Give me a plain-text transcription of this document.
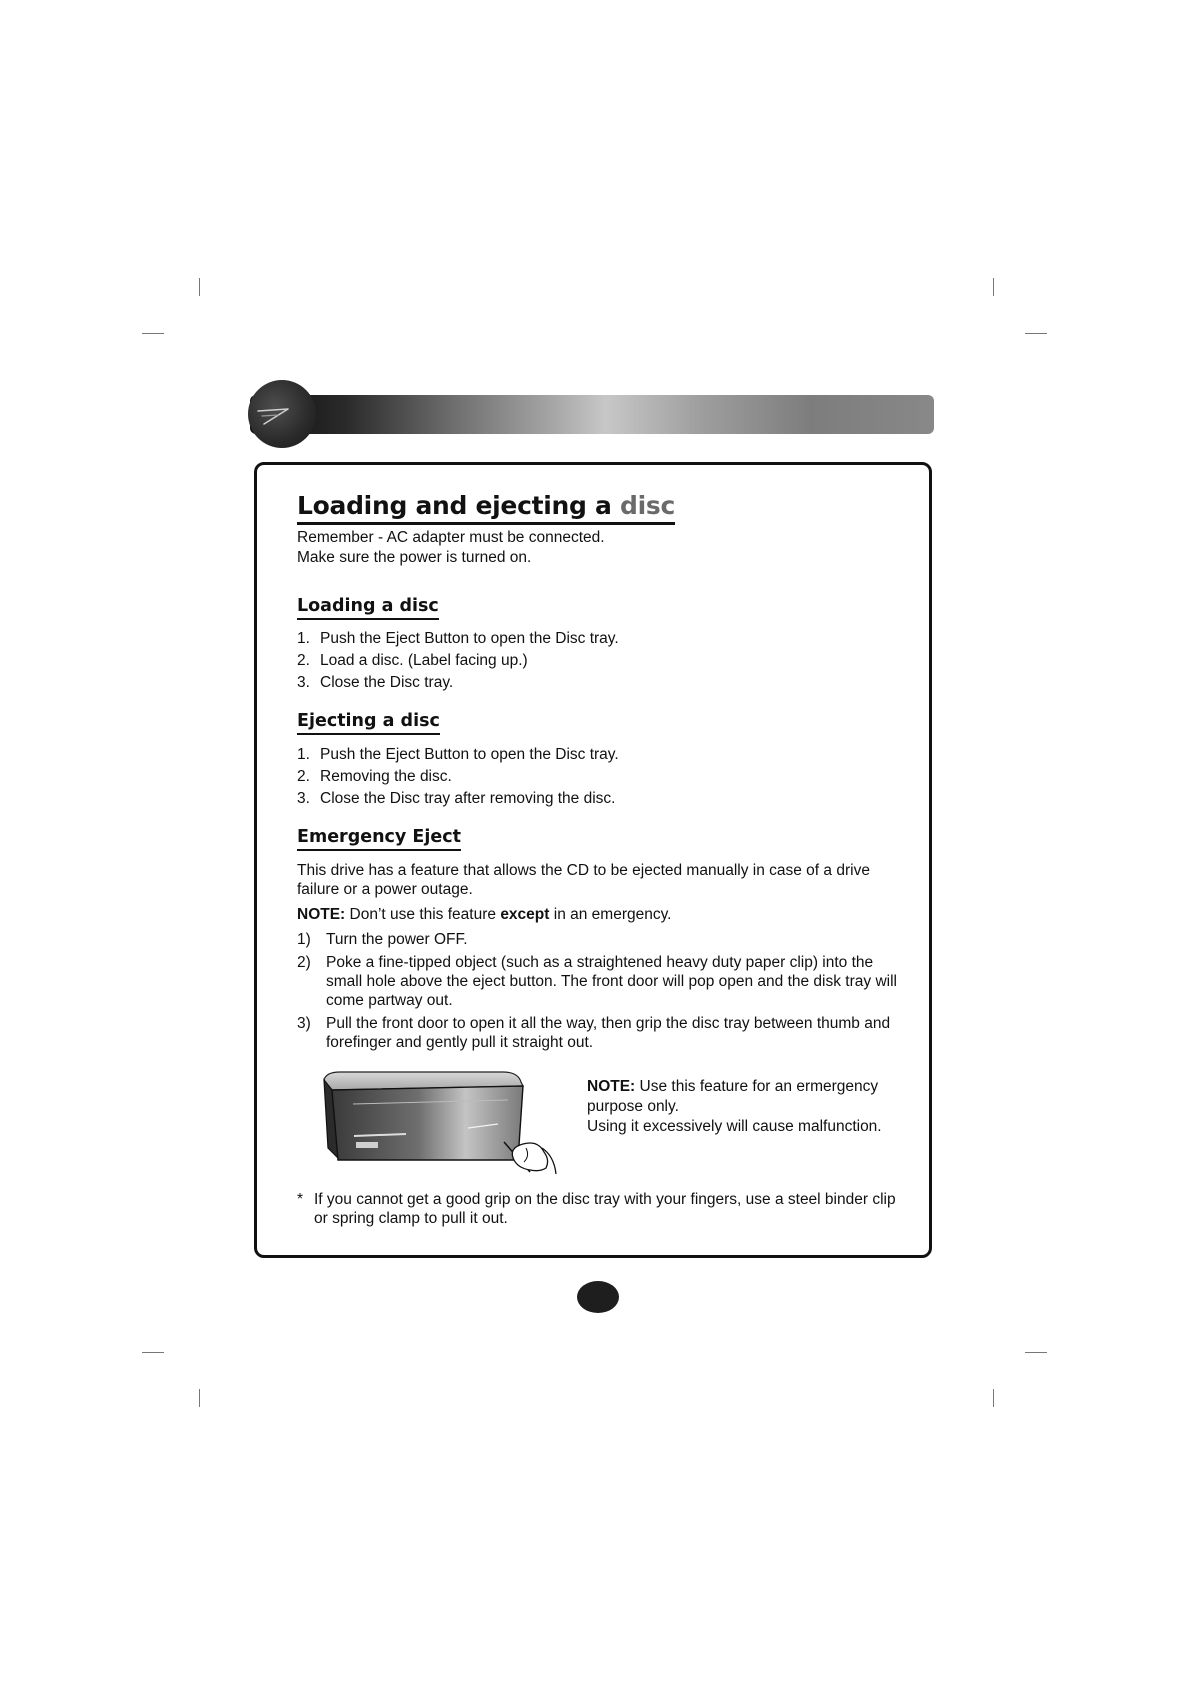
Loading and ejecting a disc
Remember - AC adapter must be connected.
Make sure the power is turned on.
Loading a disc
1. Push the Eject Button to open the Disc tray.
2. Load a disc. (Label facing up.)
3. Close the Disc tray.
Ejecting a disc
1. Push the Eject Button to open the Disc tray.
2. Removing the disc.
3. Close the Disc tray after removing the disc.
Emergency Eject
This drive has a feature that allows the CD to be ejected manually in case of a drive failure or a power outage.
NOTE: Don’t use this feature except in an emergency.
1) Turn the power OFF.
2) Poke a fine-tipped object (such as a straightened heavy duty paper clip) into the small hole above the eject button. The front door will pop open and the disk tray will come partway out.
3) Pull the front door to open it all the way, then grip the disc tray between thumb and forefinger and gently pull it straight out.
NOTE: Use this feature for an ermergency purpose only.
Using it excessively will cause malfunction.
* If you cannot get a good grip on the disc tray with your fingers, use a steel binder clip or spring clamp to pull it out.
